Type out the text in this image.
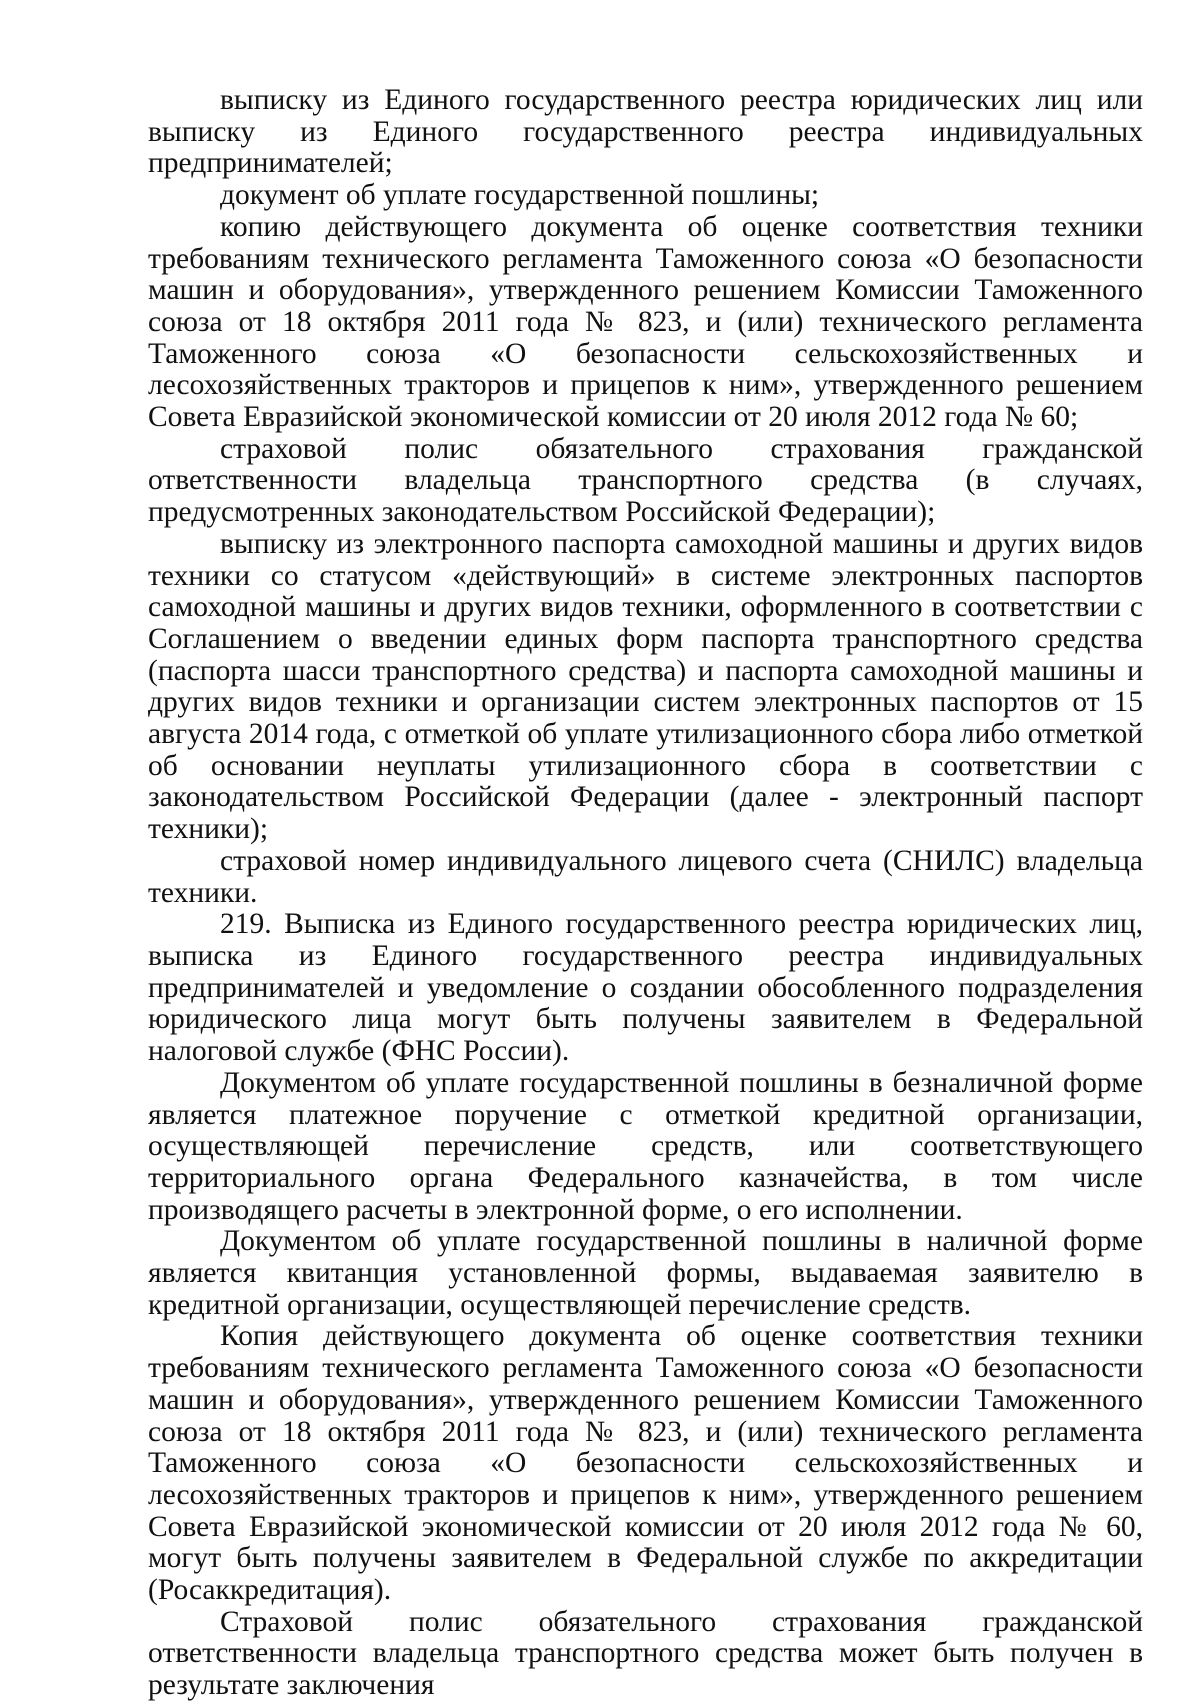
выписку из Единого государственного реестра юридических лиц или выписку из Единого государственного реестра индивидуальных предпринимателей;

документ об уплате государственной пошлины;

копию действующего документа об оценке соответствия техники требованиям технического регламента Таможенного союза «О безопасности машин и оборудования», утвержденного решением Комиссии Таможенного союза от 18 октября 2011 года № 823, и (или) технического регламента Таможенного союза «О безопасности сельскохозяйственных и лесохозяйственных тракторов и прицепов к ним», утвержденного решением Совета Евразийской экономической комиссии от 20 июля 2012 года № 60;

страховой полис обязательного страхования гражданской ответственности владельца транспортного средства (в случаях, предусмотренных законодательством Российской Федерации);

выписку из электронного паспорта самоходной машины и других видов техники со статусом «действующий» в системе электронных паспортов самоходной машины и других видов техники, оформленного в соответствии с Соглашением о введении единых форм паспорта транспортного средства (паспорта шасси транспортного средства) и паспорта самоходной машины и других видов техники и организации систем электронных паспортов от 15 августа 2014 года, с отметкой об уплате утилизационного сбора либо отметкой об основании неуплаты утилизационного сбора в соответствии с законодательством Российской Федерации (далее - электронный паспорт техники);

страховой номер индивидуального лицевого счета (СНИЛС) владельца техники.

219. Выписка из Единого государственного реестра юридических лиц, выписка из Единого государственного реестра индивидуальных предпринимателей и уведомление о создании обособленного подразделения юридического лица могут быть получены заявителем в Федеральной налоговой службе (ФНС России).

Документом об уплате государственной пошлины в безналичной форме является платежное поручение с отметкой кредитной организации, осуществляющей перечисление средств, или соответствующего территориального органа Федерального казначейства, в том числе производящего расчеты в электронной форме, о его исполнении.

Документом об уплате государственной пошлины в наличной форме является квитанция установленной формы, выдаваемая заявителю в кредитной организации, осуществляющей перечисление средств.

Копия действующего документа об оценке соответствия техники требованиям технического регламента Таможенного союза «О безопасности машин и оборудования», утвержденного решением Комиссии Таможенного союза от 18 октября 2011 года № 823, и (или) технического регламента Таможенного союза «О безопасности сельскохозяйственных и лесохозяйственных тракторов и прицепов к ним», утвержденного решением Совета Евразийской экономической комиссии от 20 июля 2012 года № 60, могут быть получены заявителем в Федеральной службе по аккредитации (Росаккредитация).

Страховой полис обязательного страхования гражданской ответственности владельца транспортного средства может быть получен в результате заключения
